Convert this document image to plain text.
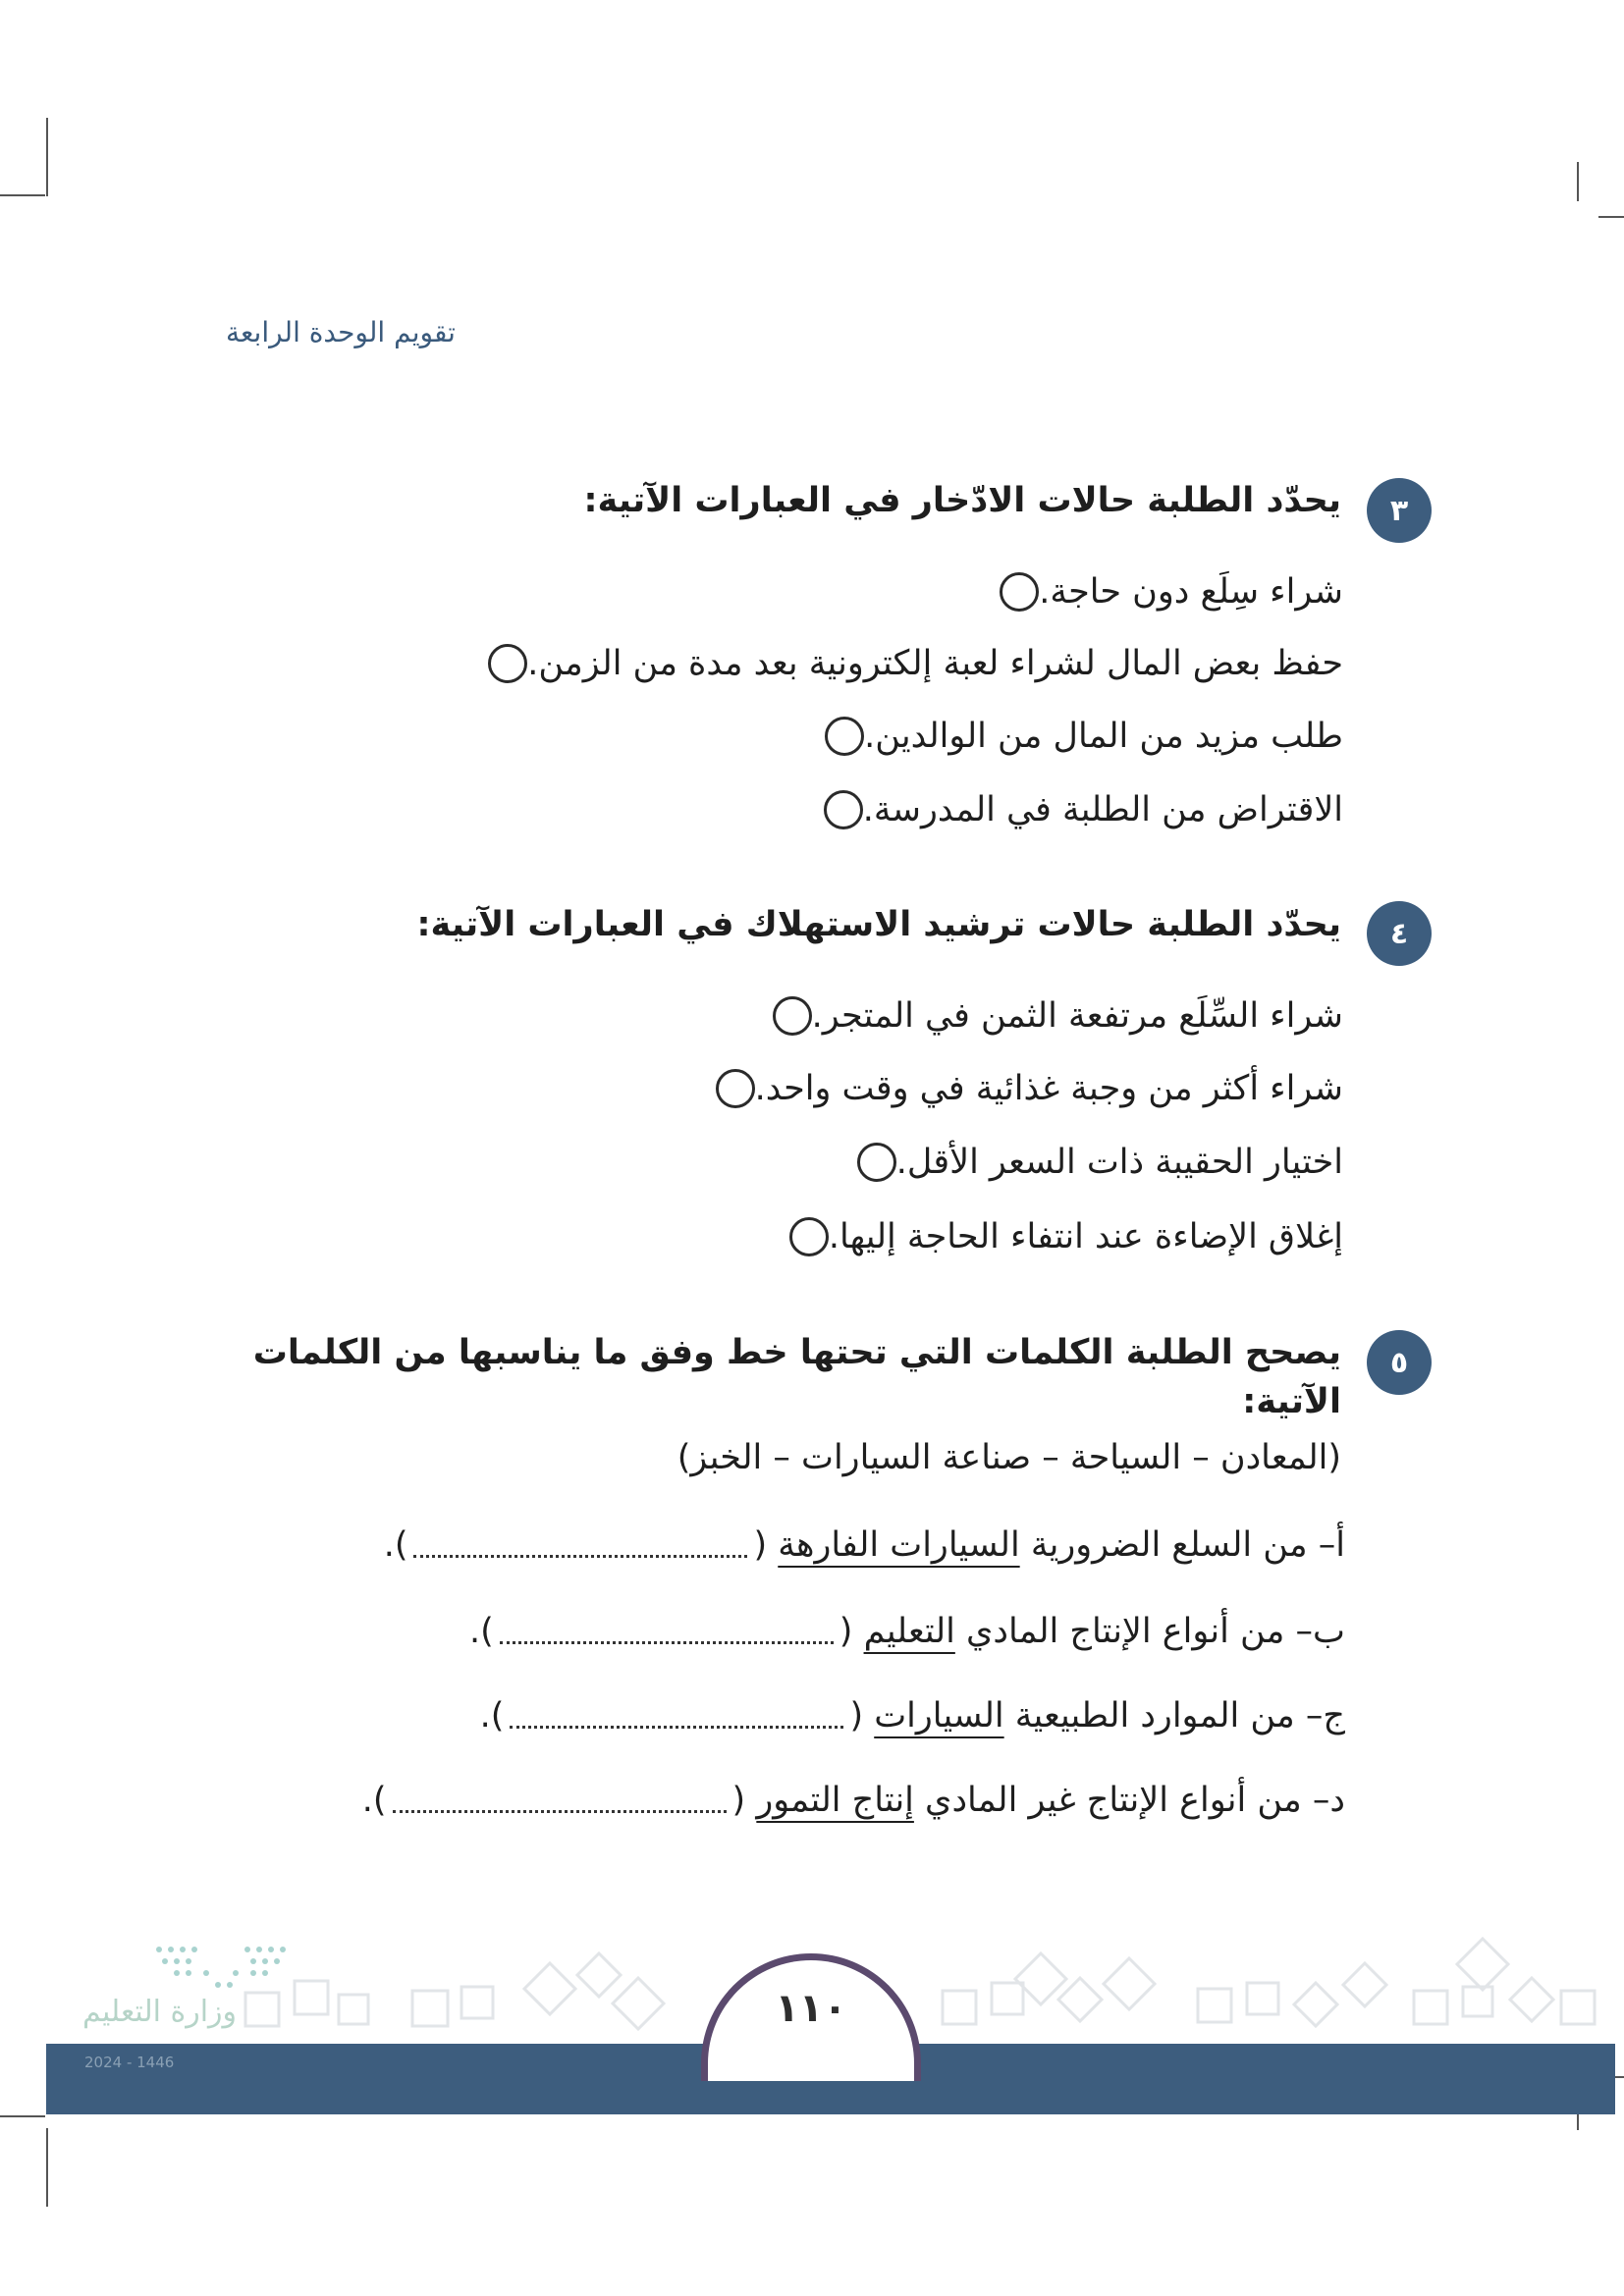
تقويم الوحدة الرابعة
٣
يحدّد الطلبة حالات الادّخار في العبارات الآتية:
شراء سِلَع دون حاجة.
حفظ بعض المال لشراء لعبة إلكترونية بعد مدة من الزمن.
طلب مزيد من المال من الوالدين.
الاقتراض من الطلبة في المدرسة.
٤
يحدّد الطلبة حالات ترشيد الاستهلاك في العبارات الآتية:
شراء السِّلَع مرتفعة الثمن في المتجر.
شراء أكثر من وجبة غذائية في وقت واحد.
اختيار الحقيبة ذات السعر الأقل.
إغلاق الإضاءة عند انتفاء الحاجة إليها.
٥
يصحح الطلبة الكلمات التي تحتها خط وفق ما يناسبها من الكلمات
الآتية:
(المعادن – السياحة – صناعة السيارات – الخبز)
أ– من السلع الضرورية

السيارات الفارهة
(
).
ب– من أنواع الإنتاج المادي

التعليم
(
).
ج– من الموارد الطبيعية

السيارات
(
).
د– من أنواع الإنتاج غير المادي

إنتاج التمور
(
).
وزارة التعليم
2024 - 1446
١١٠
